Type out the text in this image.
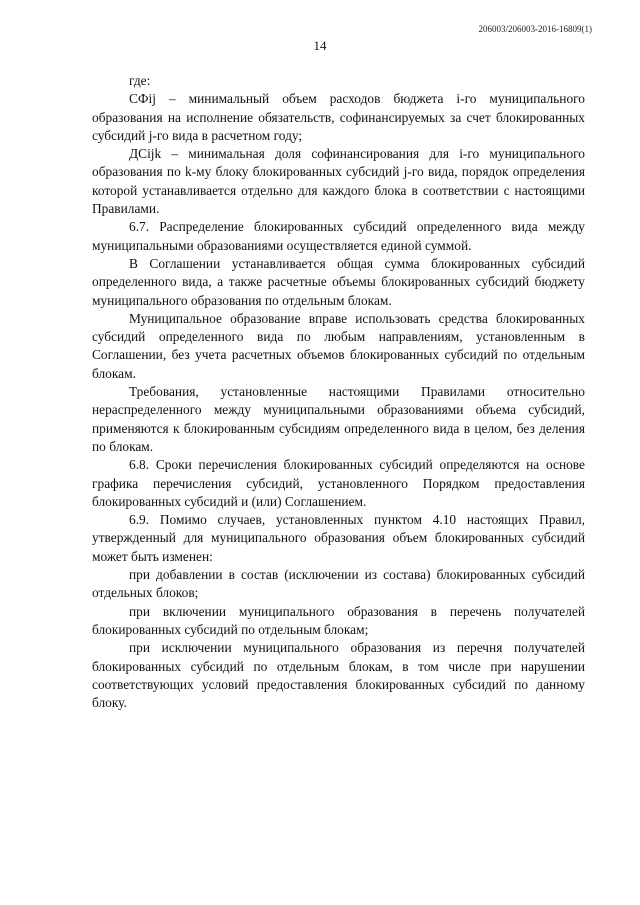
206003/206003-2016-16809(1)
14

где:

СФij – минимальный объем расходов бюджета i-го муниципального образования на исполнение обязательств, софинансируемых за счет блокированных субсидий j-го вида в расчетном году;

ДСijk – минимальная доля софинансирования для i-го муниципального образования по k-му блоку блокированных субсидий j-го вида, порядок определения которой устанавливается отдельно для каждого блока в соответствии с настоящими Правилами.

6.7. Распределение блокированных субсидий определенного вида между муниципальными образованиями осуществляется единой суммой.

В Соглашении устанавливается общая сумма блокированных субсидий определенного вида, а также расчетные объемы блокированных субсидий бюджету муниципального образования по отдельным блокам.

Муниципальное образование вправе использовать средства блокированных субсидий определенного вида по любым направлениям, установленным в Соглашении, без учета расчетных объемов блокированных субсидий по отдельным блокам.

Требования, установленные настоящими Правилами относительно нераспределенного между муниципальными образованиями объема субсидий, применяются к блокированным субсидиям определенного вида в целом, без деления по блокам.

6.8. Сроки перечисления блокированных субсидий определяются на основе графика перечисления субсидий, установленного Порядком предоставления блокированных субсидий и (или) Соглашением.

6.9. Помимо случаев, установленных пунктом 4.10 настоящих Правил, утвержденный для муниципального образования объем блокированных субсидий может быть изменен:

при добавлении в состав (исключении из состава) блокированных субсидий отдельных блоков;

при включении муниципального образования в перечень получателей блокированных субсидий по отдельным блокам;

при исключении муниципального образования из перечня получателей блокированных субсидий по отдельным блокам, в том числе при нарушении соответствующих условий предоставления блокированных субсидий по данному блоку.
